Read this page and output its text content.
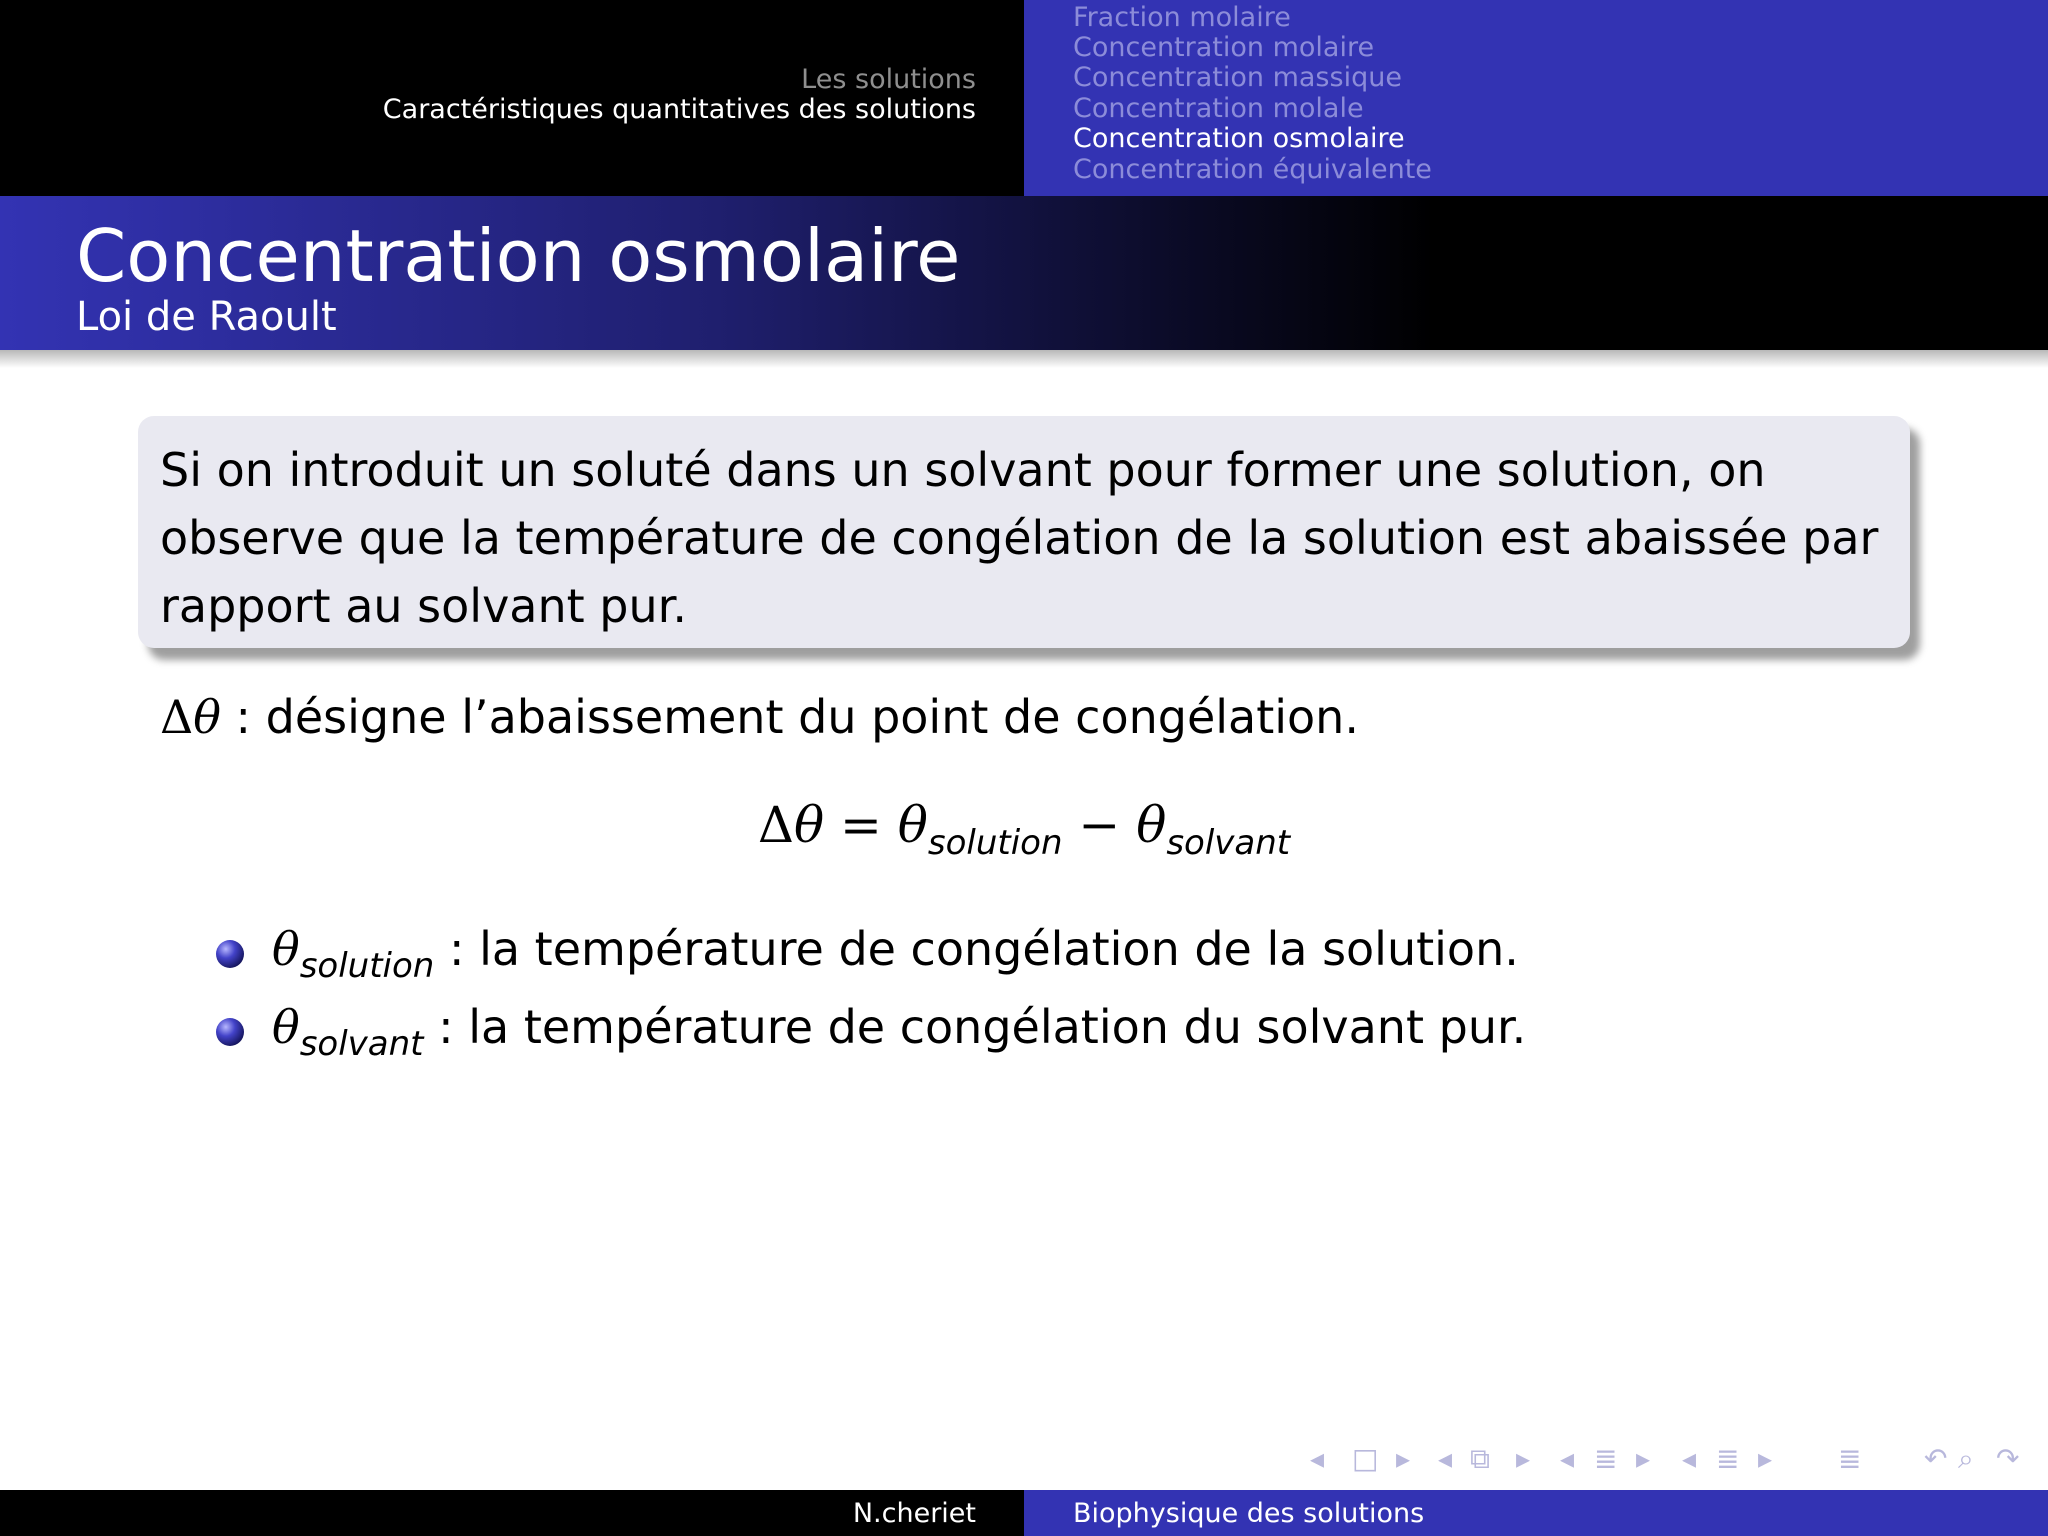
Les solutions
Caractéristiques quantitatives des solutions
Fraction molaire
Concentration molaire
Concentration massique
Concentration molale
Concentration osmolaire
Concentration équivalente
Concentration osmolaire
Loi de Raoult
Si on introduit un soluté dans un solvant pour former une solution, on observe que la température de congélation de la solution est abaissée par rapport au solvant pur.
Δθ : désigne l’abaissement du point de congélation.
$\Delta\theta = \theta_{solution} - \theta_{solvant}$
$\theta_{solution}$ : la température de congélation de la solution.
$\theta_{solvant}$ : la température de congélation du solvant pur.
◂ □ ▸ ◂ ⧉ ▸ ◂ ≣ ▸ ◂ ≣ ▸ ≣ ↶ ⌕ ↷
N.cheriet	Biophysique des solutions
